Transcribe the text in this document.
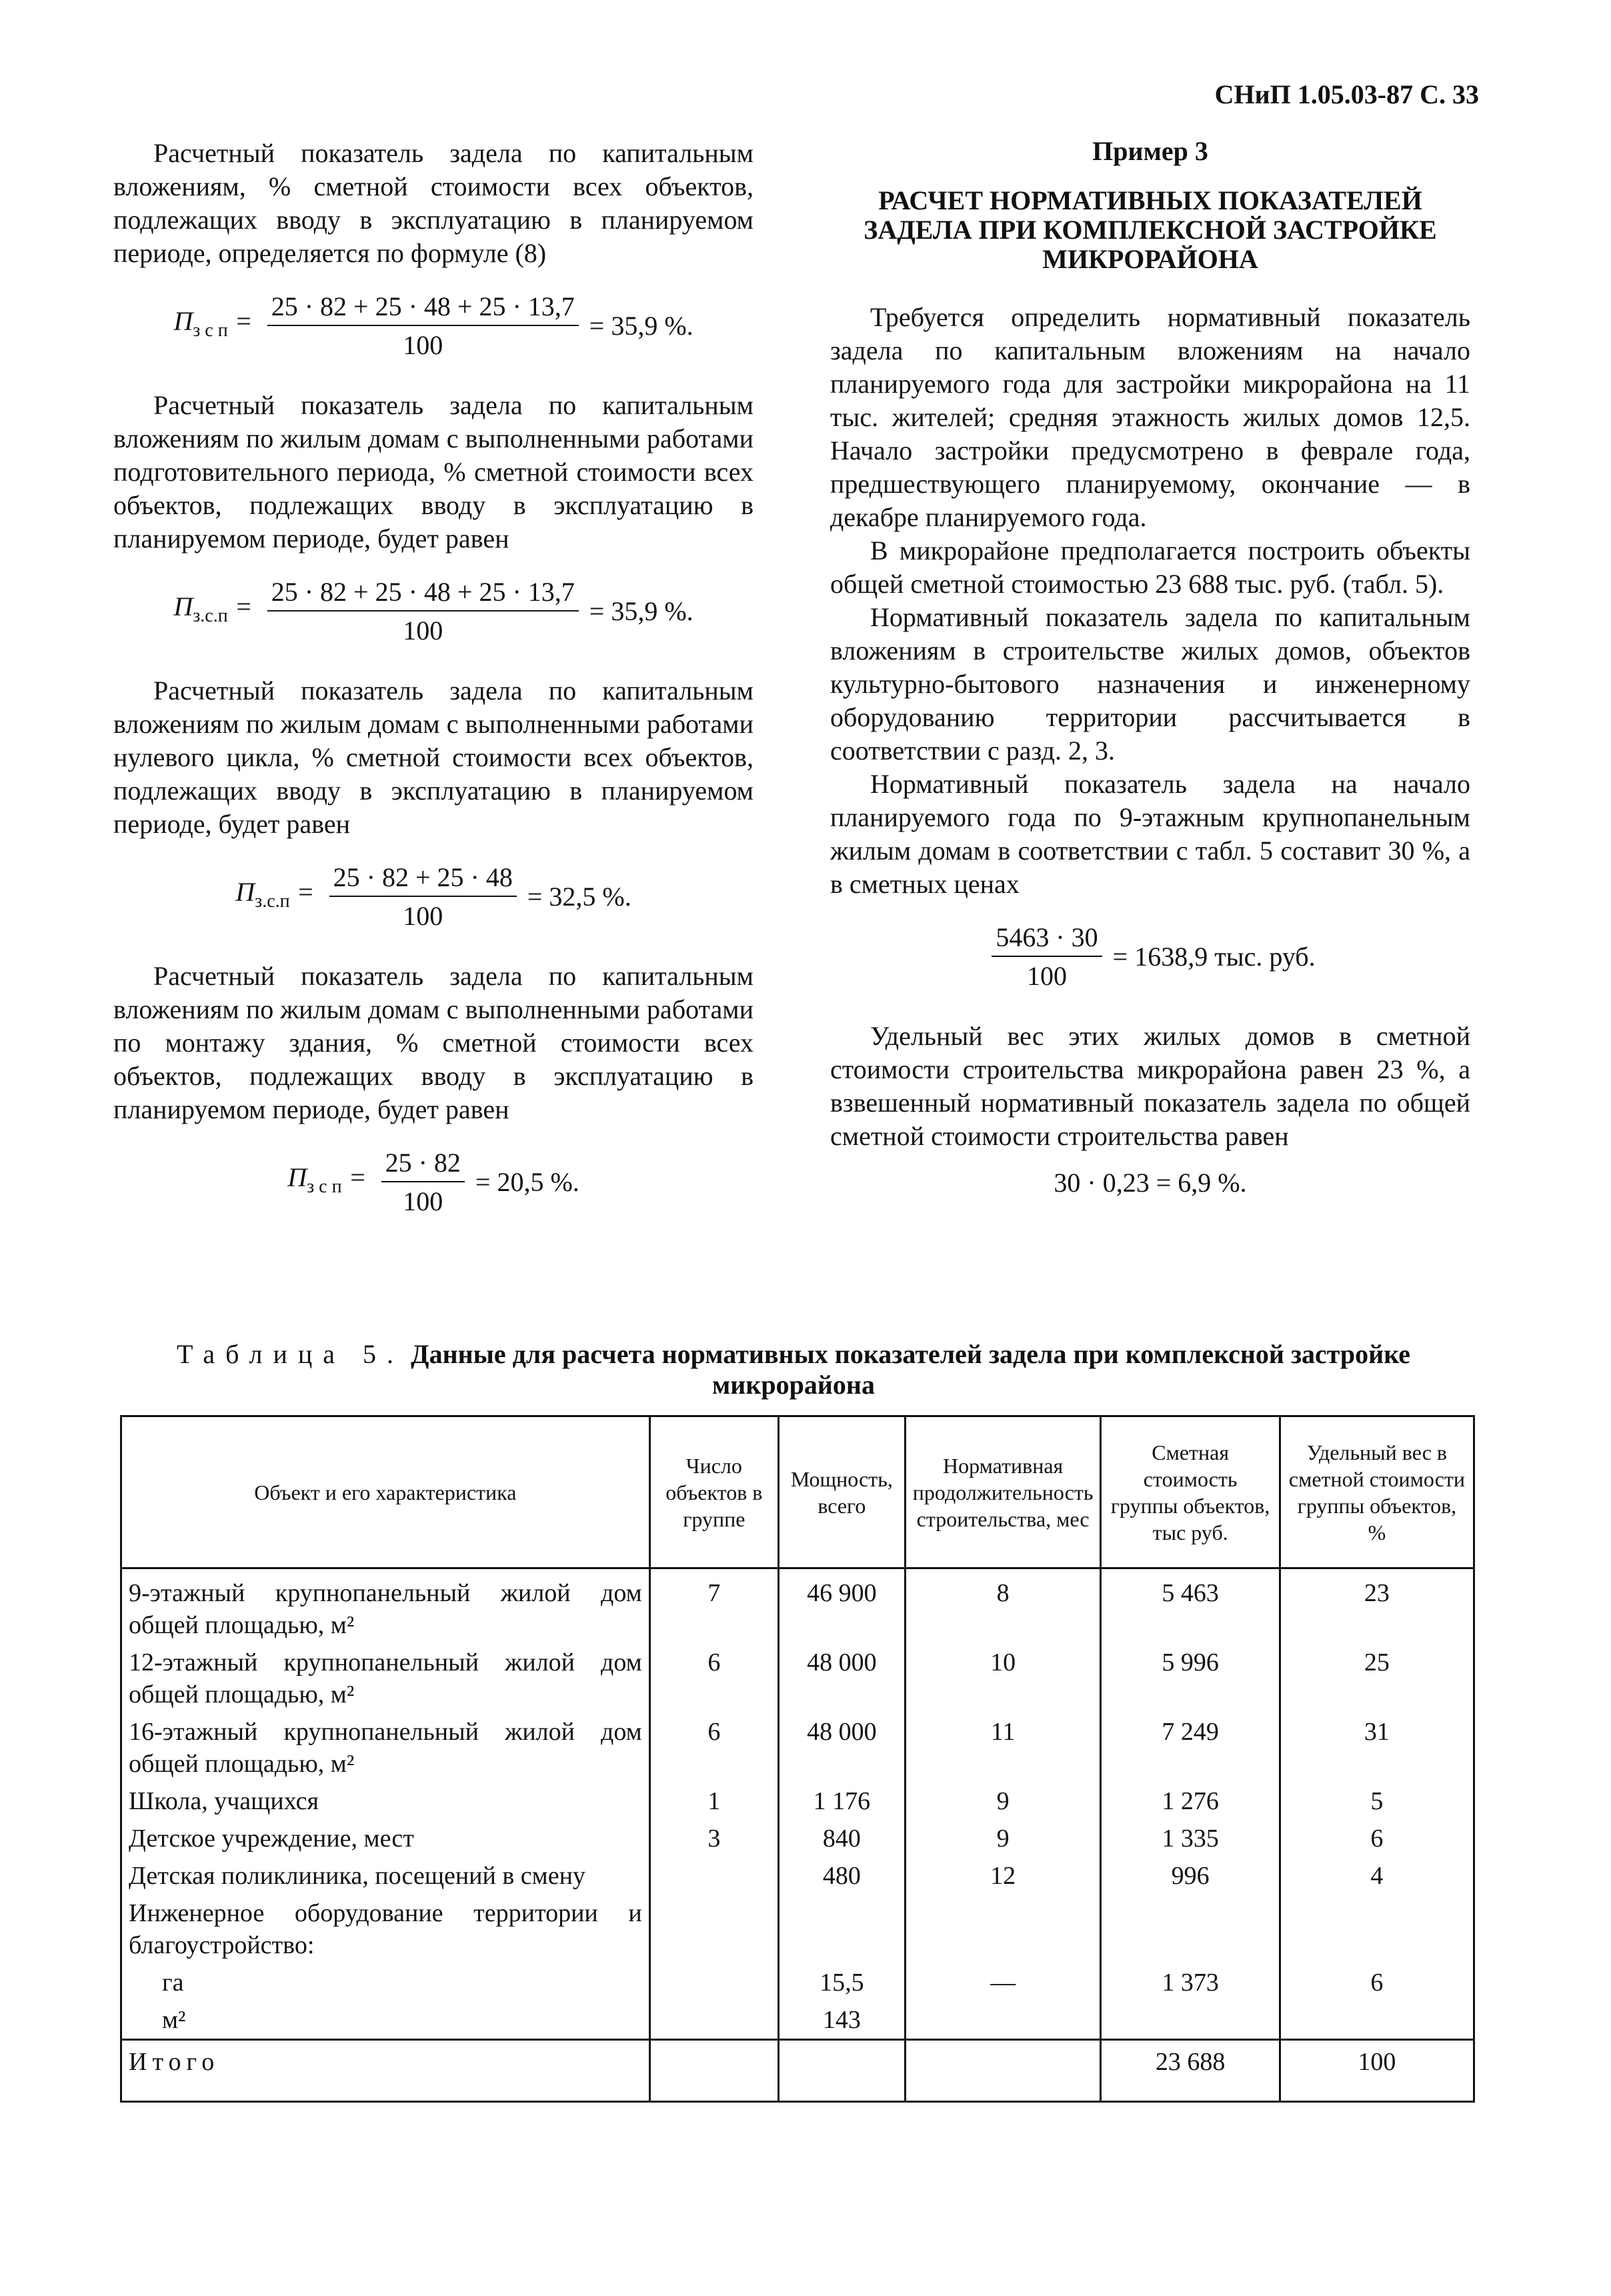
СНиП 1.05.03-87 С. 33

Расчетный показатель задела по капитальным вложениям, % сметной стоимости всех объектов, подлежащих вводу в эксплуатацию в планируемом периоде, определяется по формуле (8)

$П_{з с п} = \frac{25 \cdot 82 + 25 \cdot 48 + 25 \cdot 13,7}{100} = 35,9$ %.

Расчетный показатель задела по капитальным вложениям по жилым домам с выполненными работами подготовительного периода, % сметной стоимости всех объектов, подлежащих вводу в эксплуатацию в планируемом периоде, будет равен

$П_{з.с.п} = \frac{25 \cdot 82 + 25 \cdot 48 + 25 \cdot 13,7}{100} = 35,9$ %.

Расчетный показатель задела по капитальным вложениям по жилым домам с выполненными работами нулевого цикла, % сметной стоимости всех объектов, подлежащих вводу в эксплуатацию в планируемом периоде, будет равен

$П_{з.с.п} = \frac{25 \cdot 82 + 25 \cdot 48}{100} = 32,5$ %.

Расчетный показатель задела по капитальным вложениям по жилым домам с выполненными работами по монтажу здания, % сметной стоимости всех объектов, подлежащих вводу в эксплуатацию в планируемом периоде, будет равен

$П_{з с п} = \frac{25 \cdot 82}{100} = 20,5$ %.
Пример 3
РАСЧЕТ НОРМАТИВНЫХ ПОКАЗАТЕЛЕЙ ЗАДЕЛА ПРИ КОМПЛЕКСНОЙ ЗАСТРОЙКЕ МИКРОРАЙОНА

Требуется определить нормативный показатель задела по капитальным вложениям на начало планируемого года для застройки микрорайона на 11 тыс. жителей; средняя этажность жилых домов 12,5. Начало застройки предусмотрено в феврале года, предшествующего планируемому, окончание — в декабре планируемого года.

В микрорайоне предполагается построить объекты общей сметной стоимостью 23 688 тыс. руб. (табл. 5).

Нормативный показатель задела по капитальным вложениям в строительстве жилых домов, объектов культурно-бытового назначения и инженерному оборудованию территории рассчитывается в соответствии с разд. 2, 3.

Нормативный показатель задела на начало планируемого года по 9-этажным крупнопанельным жилым домам в соответствии с табл. 5 составит 30 %, а в сметных ценах

$\frac{5463 \cdot 30}{100} = 1638,9$ тыс. руб.

Удельный вес этих жилых домов в сметной стоимости строительства микрорайона равен 23 %, а взвешенный нормативный показатель задела по общей сметной стоимости строительства равен

30 · 0,23 = 6,9 %.
Таблица 5. Данные для расчета нормативных показателей задела при комплексной застройке микрорайона
Объект и его характеристика	Число объектов в группе	Мощность, всего	Нормативная продолжительность строительства, мес	Сметная стоимость группы объектов, тыс руб.	Удельный вес в сметной стоимости группы объектов, %
9-этажный крупнопанельный жилой дом общей площадью, м²	7	46 900	8	5 463	23
12-этажный крупнопанельный жилой дом общей площадью, м²	6	48 000	10	5 996	25
16-этажный крупнопанельный жилой дом общей площадью, м²	6	48 000	11	7 249	31
Школа, учащихся	1	1 176	9	1 276	5
Детское учреждение, мест	3	840	9	1 335	6
Детская поликлиника, посещений в смену		480	12	996	4
Инженерное оборудование территории и благоустройство:					
га		15,5	—	1 373	6
м²		143			
Итого				23 688	100
